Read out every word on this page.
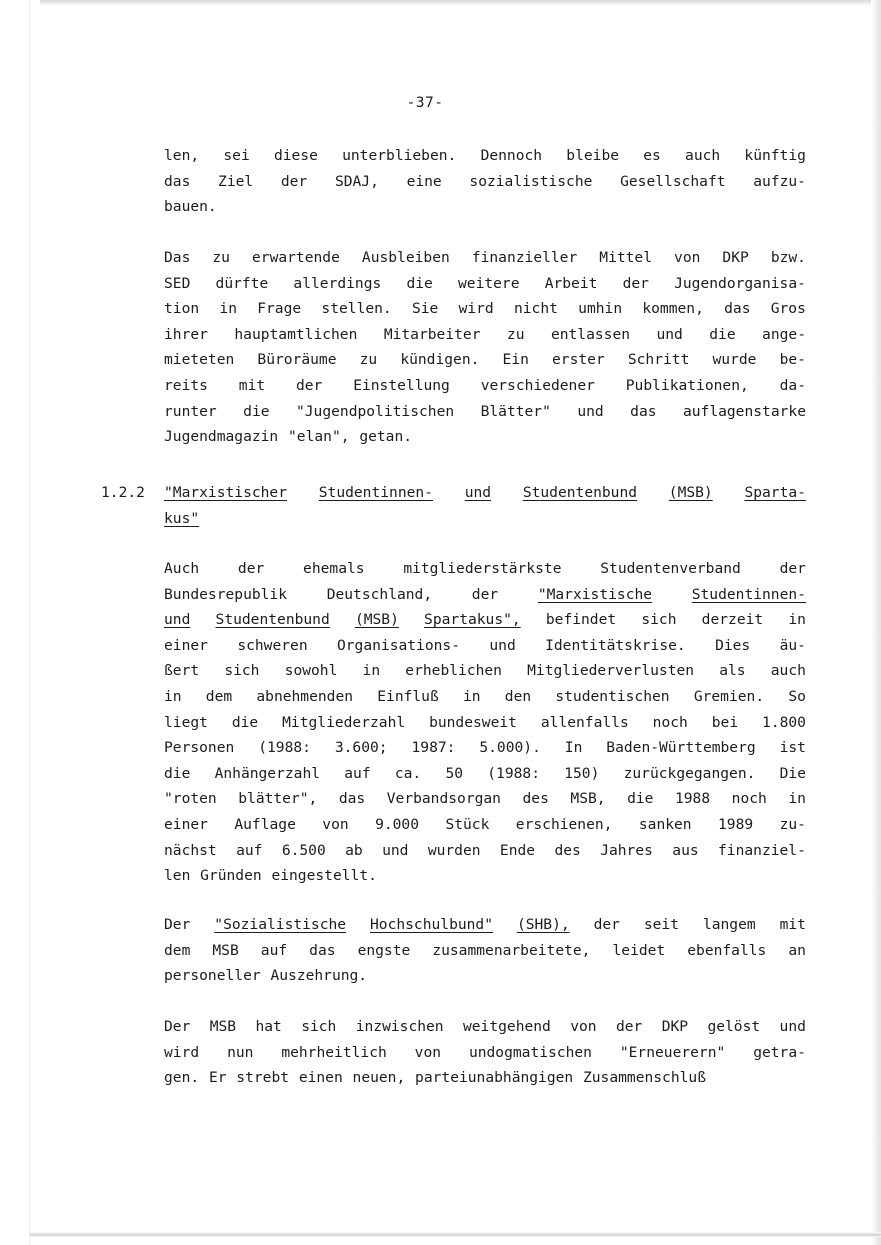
-37-
1.2.2
len, sei diese unterblieben. Dennoch bleibe es auch künftig
das Ziel der SDAJ, eine sozialistische Gesellschaft aufzu-
bauen.
Das zu erwartende Ausbleiben finanzieller Mittel von DKP bzw.
SED dürfte allerdings die weitere Arbeit der Jugendorganisa-
tion in Frage stellen. Sie wird nicht umhin kommen, das Gros
ihrer hauptamtlichen Mitarbeiter zu entlassen und die ange-
mieteten Büroräume zu kündigen. Ein erster Schritt wurde be-
reits mit der Einstellung verschiedener Publikationen, da-
runter die "Jugendpolitischen Blätter" und das auflagenstarke
Jugendmagazin "elan", getan.
"Marxistischer Studentinnen- und Studentenbund (MSB) Sparta-
kus"
Auch	der	ehemals	mitgliederstärkste	Studentenverband	der
Bundesrepublik	Deutschland,	der	"Marxistische	Studentinnen-
und Studentenbund (MSB) Spartakus", befindet sich derzeit in
einer schweren Organisations- und Identitätskrise. Dies äu-
ßert sich sowohl in erheblichen Mitgliederverlusten als auch
in dem abnehmenden Einfluß in den studentischen Gremien. So
liegt die Mitgliederzahl bundesweit allenfalls noch bei 1.800
Personen (1988: 3.600; 1987: 5.000). In Baden-Württemberg ist
die Anhängerzahl auf ca. 50 (1988: 150) zurückgegangen. Die
"roten blätter", das Verbandsorgan des MSB, die 1988 noch in
einer Auflage von 9.000 Stück erschienen, sanken 1989 zu-
nächst auf 6.500 ab und wurden Ende des Jahres aus finanziel-
len Gründen eingestellt.
Der "Sozialistische Hochschulbund" (SHB), der seit langem mit
dem MSB auf das engste zusammenarbeitete, leidet ebenfalls an
personeller Auszehrung.
Der MSB hat sich inzwischen weitgehend von der DKP gelöst und
wird nun mehrheitlich von undogmatischen "Erneuerern" getra-
gen. Er strebt einen neuen, parteiunabhängigen Zusammenschluß
